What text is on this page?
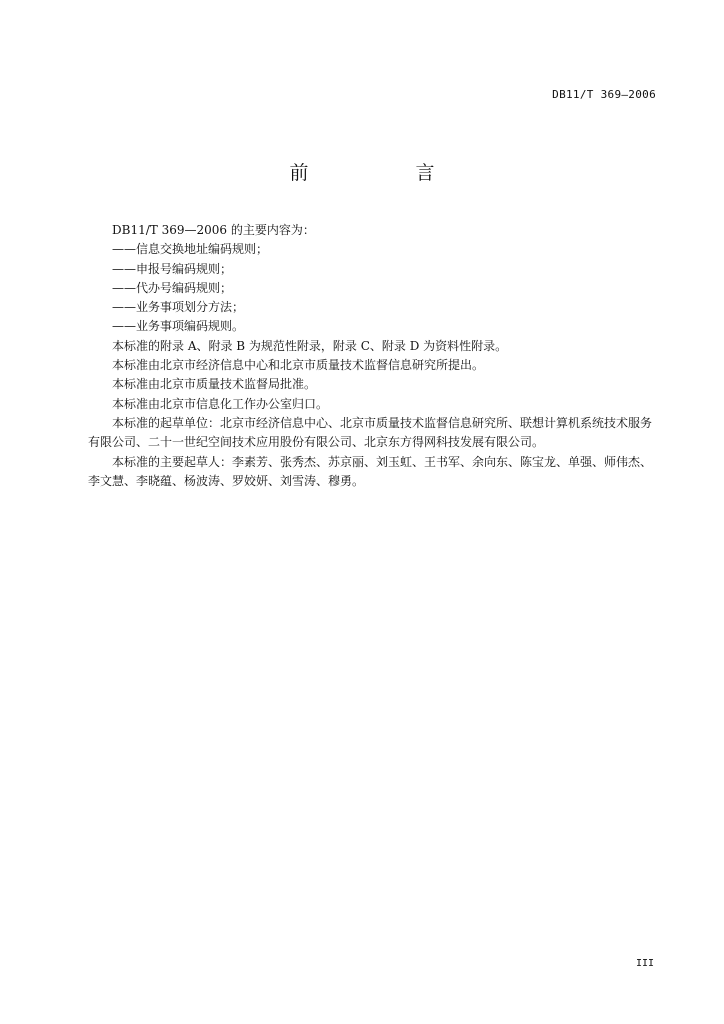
DB11/T 369—2006

前　言

DB11/T 369—2006 的主要内容为：

——信息交换地址编码规则；

——申报号编码规则；

——代办号编码规则；

——业务事项划分方法；

——业务事项编码规则。

本标准的附录 A、附录 B 为规范性附录，附录 C、附录 D 为资料性附录。

本标准由北京市经济信息中心和北京市质量技术监督信息研究所提出。

本标准由北京市质量技术监督局批准。

本标准由北京市信息化工作办公室归口。

本标准的起草单位：北京市经济信息中心、北京市质量技术监督信息研究所、联想计算机系统技术服务有限公司、二十一世纪空间技术应用股份有限公司、北京东方得网科技发展有限公司。

本标准的主要起草人：李素芳、张秀杰、苏京丽、刘玉虹、王书军、余向东、陈宝龙、单强、师伟杰、李文慧、李晓蕴、杨波涛、罗姣妍、刘雪涛、穆勇。

III
